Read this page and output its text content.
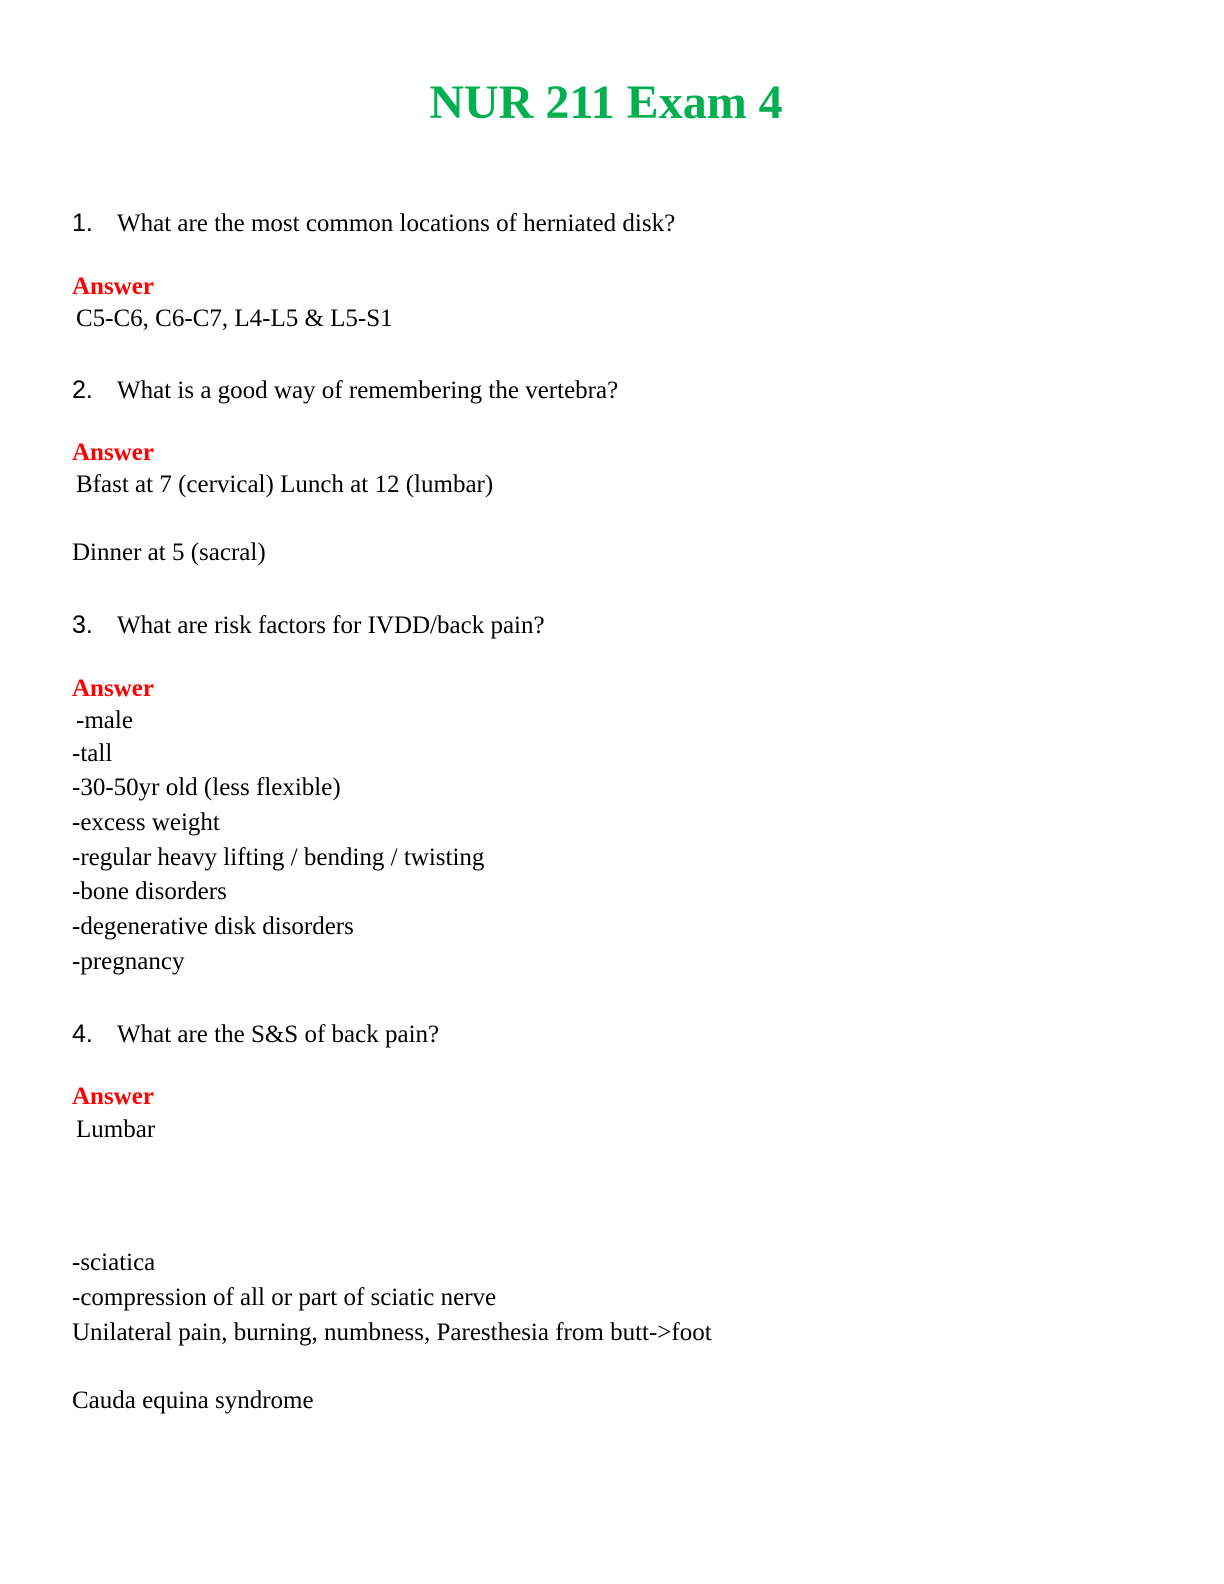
NUR 211 Exam 4
1. What are the most common locations of herniated disk?
Answer
C5-C6, C6-C7, L4-L5 & L5-S1
2. What is a good way of remembering the vertebra?
Answer
Bfast at 7 (cervical) Lunch at 12 (lumbar)
Dinner at 5 (sacral)
3. What are risk factors for IVDD/back pain?
Answer
-male
-tall
-30-50yr old (less flexible)
-excess weight
-regular heavy lifting / bending / twisting
-bone disorders
-degenerative disk disorders
-pregnancy
4. What are the S&S of back pain?
Answer
Lumbar
-sciatica
-compression of all or part of sciatic nerve
Unilateral pain, burning, numbness, Paresthesia from butt->foot
Cauda equina syndrome
